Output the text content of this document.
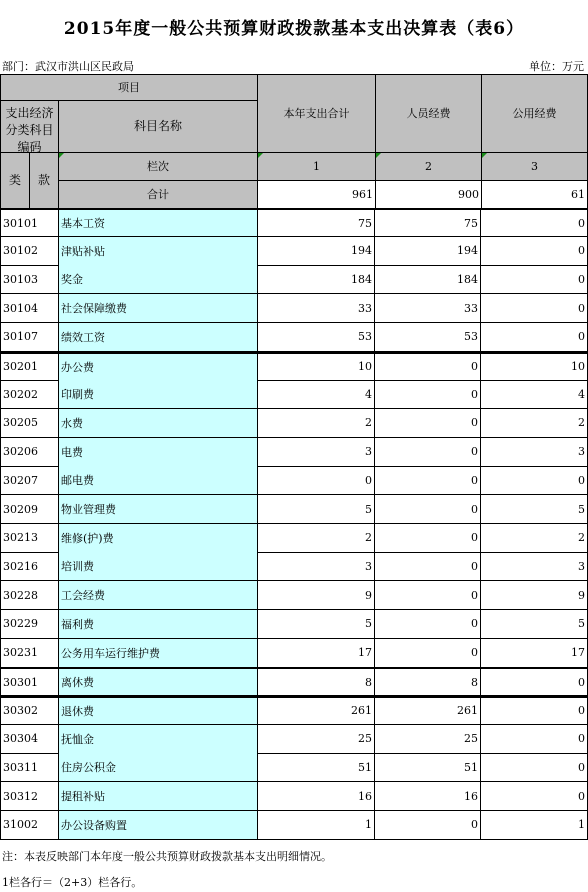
2015年度一般公共预算财政拨款基本支出决算表（表6）
部门：武汉市洪山区民政局	单位：万元
项目
支出经济分类科目编码
科目名称
本年支出合计	人员经费	公用经费
类 款
栏次	1	2	3
合计	961	900	61
30101	基本工资	75	75	0
30102	津贴补贴	194	194	0
30103	奖金	184	184	0
30104	社会保障缴费	33	33	0
30107	绩效工资	53	53	0
30201	办公费	10	0	10
30202	印刷费	4	0	4
30205	水费	2	0	2
30206	电费	3	0	3
30207	邮电费	0	0	0
30209	物业管理费	5	0	5
30213	维修(护)费	2	0	2
30216	培训费	3	0	3
30228	工会经费	9	0	9
30229	福利费	5	0	5
30231	公务用车运行维护费	17	0	17
30301	离休费	8	8	0
30302	退休费	261	261	0
30304	抚恤金	25	25	0
30311	住房公积金	51	51	0
30312	提租补贴	16	16	0
31002	办公设备购置	1	0	1
注：本表反映部门本年度一般公共预算财政拨款基本支出明细情况。
1栏各行＝（2+3）栏各行。
